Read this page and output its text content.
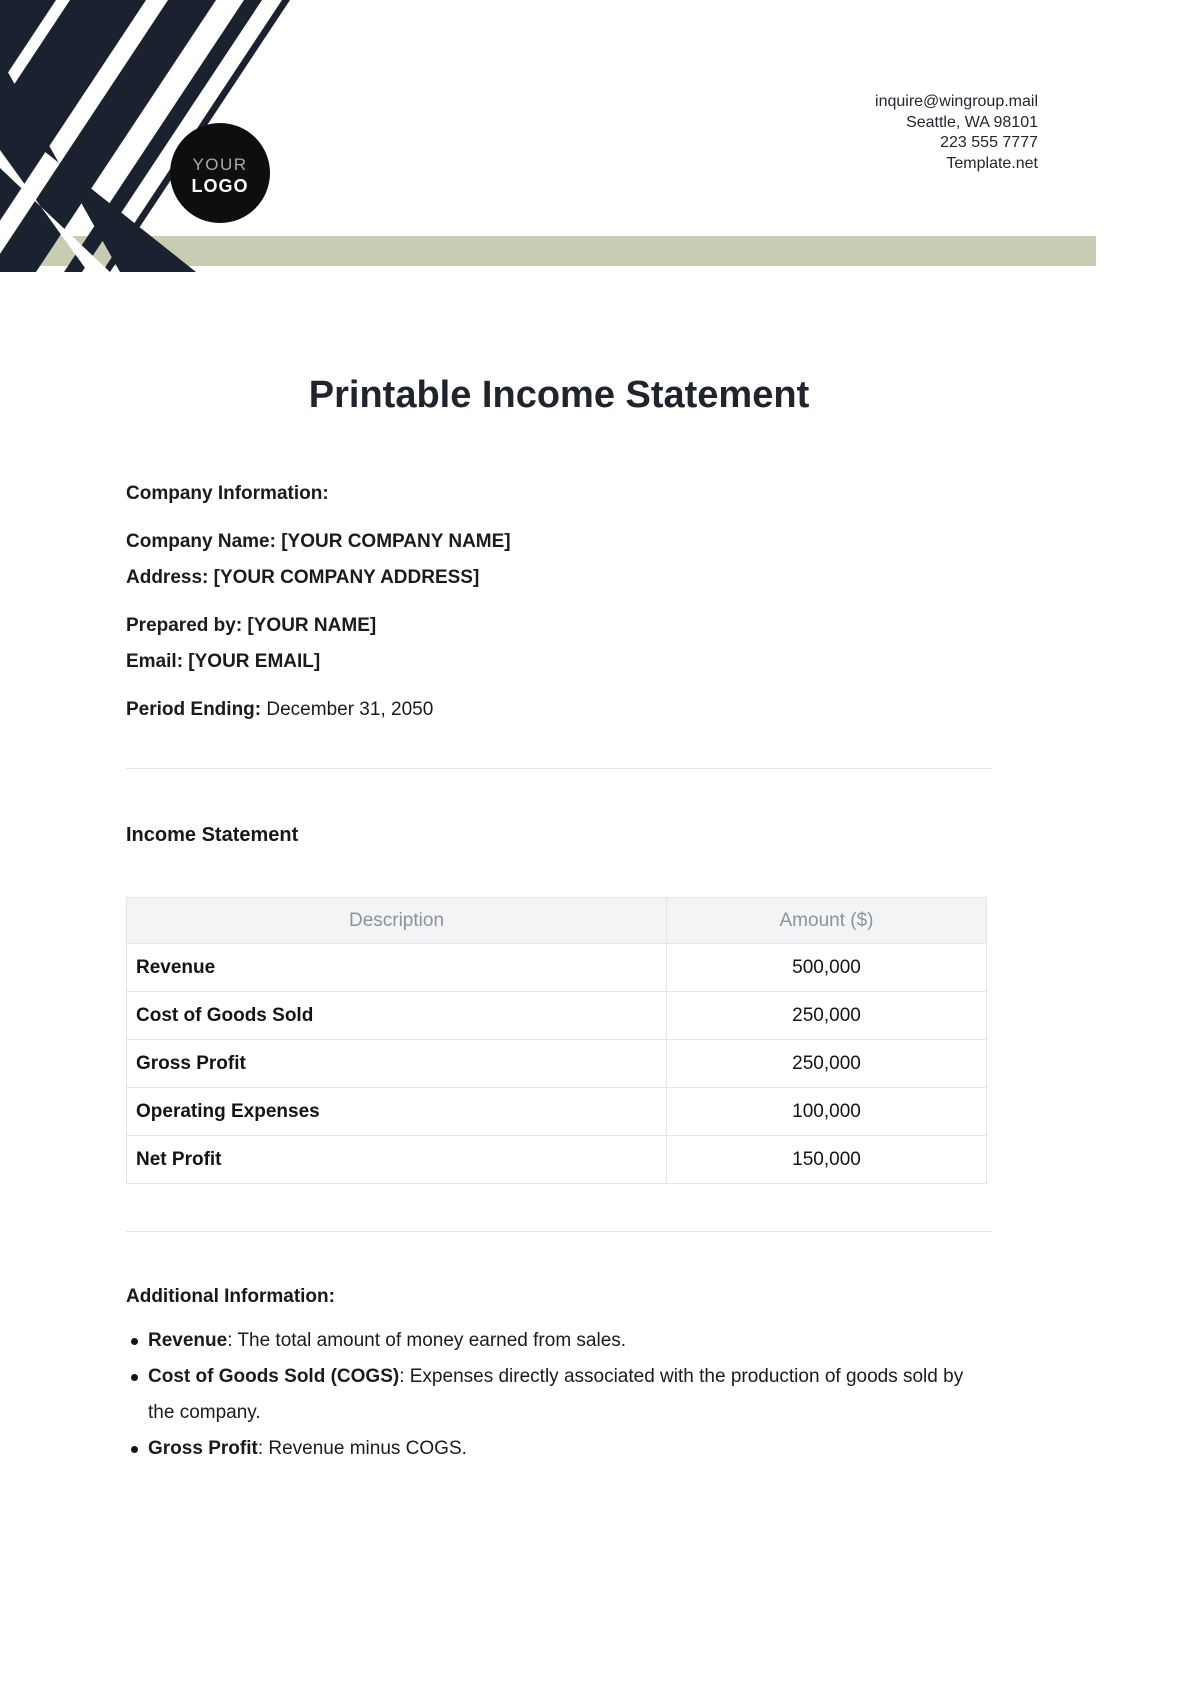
YOUR
LOGO
inquire@wingroup.mail
Seattle, WA 98101
223 555 7777
Template.net
Printable Income Statement

Company Information:

Company Name: [YOUR COMPANY NAME]

Address: [YOUR COMPANY ADDRESS]

Prepared by: [YOUR NAME]

Email: [YOUR EMAIL]

Period Ending: December 31, 2050

Income Statement

Description	Amount ($)
Revenue	500,000
Cost of Goods Sold	250,000
Gross Profit	250,000
Operating Expenses	100,000
Net Profit	150,000

Additional Information:

Revenue: The total amount of money earned from sales.
Cost of Goods Sold (COGS): Expenses directly associated with the production of goods sold by the company.
Gross Profit: Revenue minus COGS.
